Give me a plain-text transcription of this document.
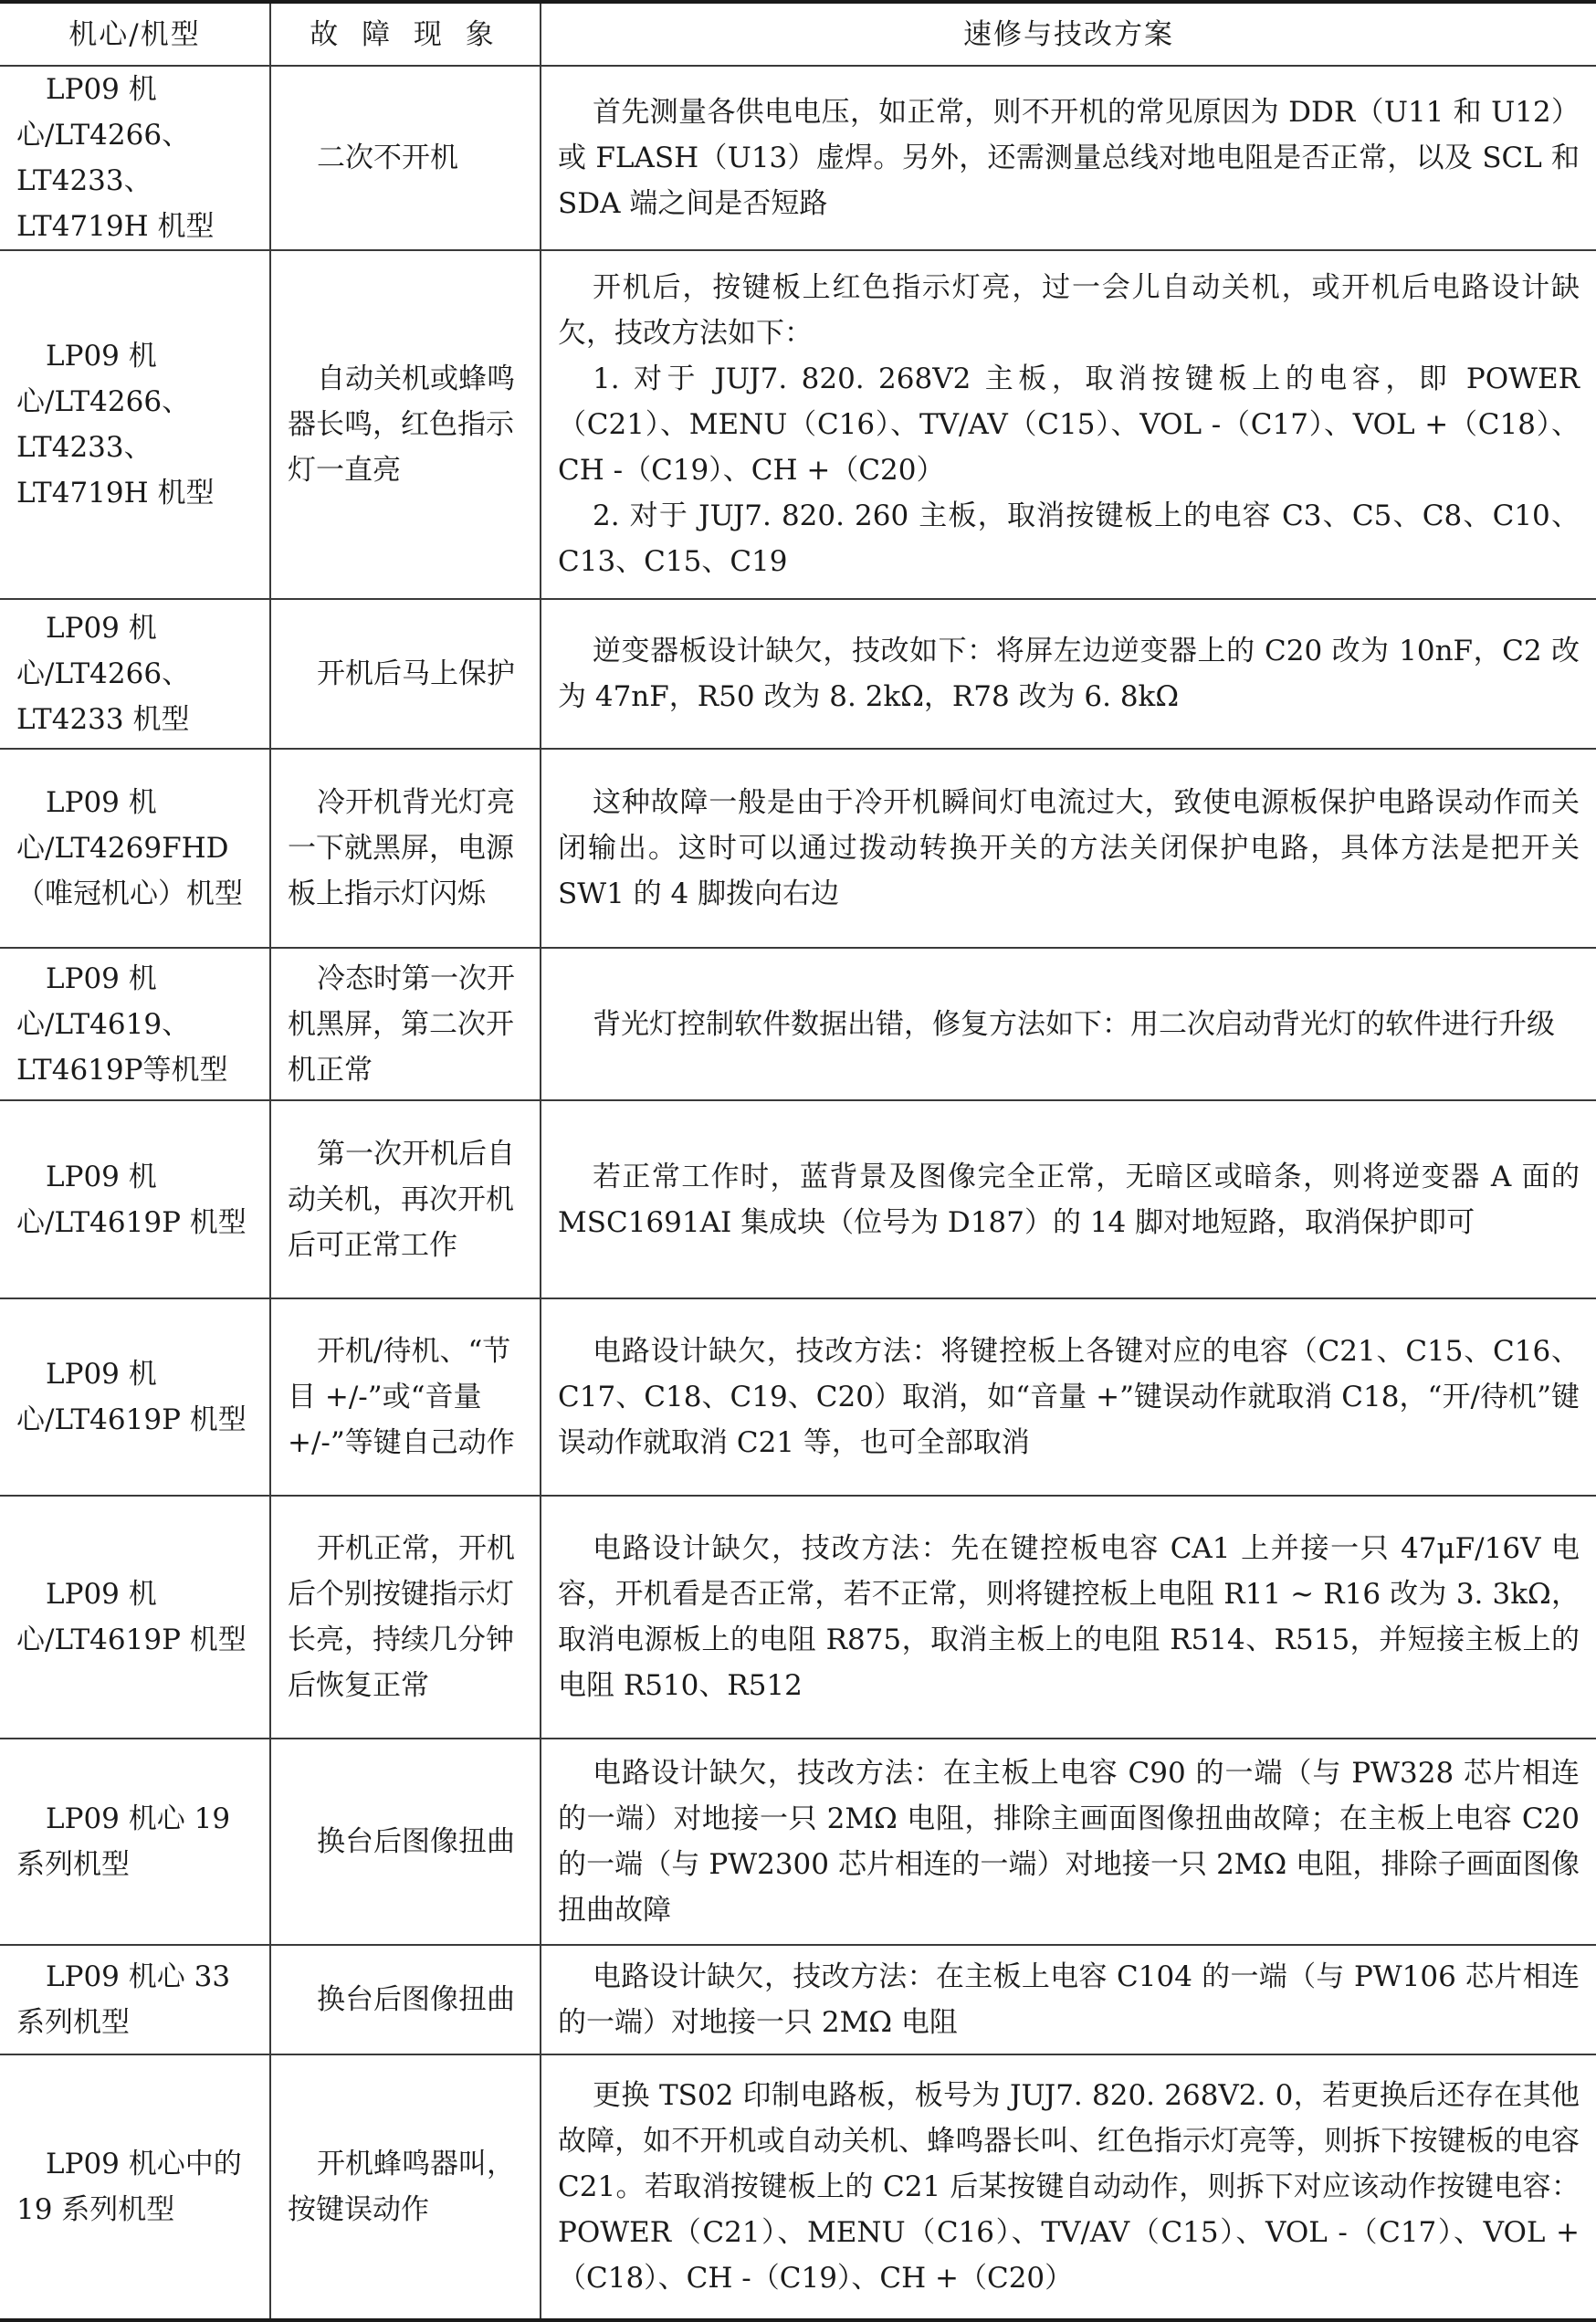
机心/机型	故 障 现 象	速修与技改方案
LP09 机心/LT4266、LT4233、LT4719H 机型	二次不开机	首先测量各供电电压，如正常，则不开机的常见原因为 DDR（U11 和 U12）或 FLASH（U13）虚焊。另外，还需测量总线对地电阻是否正常，以及 SCL 和 SDA 端之间是否短路

LP09 机心/LT4266、LT4233、LT4719H 机型	自动关机或蜂鸣器长鸣，红色指示灯一直亮	开机后，按键板上红色指示灯亮，过一会儿自动关机，或开机后电路设计缺欠，技改方法如下：
1. 对于 JUJ7. 820. 268V2 主板，取消按键板上的电容，即 POWER（C21）、MENU（C16）、TV/AV（C15）、VOL -（C17）、VOL +（C18）、CH -（C19）、CH +（C20）
2. 对于 JUJ7. 820. 260 主板，取消按键板上的电容 C3、C5、C8、C10、C13、C15、C19

LP09 机心/LT4266、 LT4233 机型	开机后马上保护	逆变器板设计缺欠，技改如下：将屏左边逆变器上的 C20 改为 10nF，C2 改为 47nF，R50 改为 8. 2kΩ，R78 改为 6. 8kΩ

LP09 机心/LT4269FHD （唯冠机心）机型	冷开机背光灯亮一下就黑屏，电源板上指示灯闪烁	这种故障一般是由于冷开机瞬间灯电流过大，致使电源板保护电路误动作而关闭输出。这时可以通过拨动转换开关的方法关闭保护电路，具体方法是把开关 SW1 的 4 脚拨向右边

LP09 机心/LT4619、LT4619P等机型	冷态时第一次开机黑屏，第二次开机正常	背光灯控制软件数据出错，修复方法如下：用二次启动背光灯的软件进行升级

LP09 机心/LT4619P 机型	第一次开机后自动关机，再次开机后可正常工作	若正常工作时，蓝背景及图像完全正常，无暗区或暗条，则将逆变器 A 面的 MSC1691AI 集成块（位号为 D187）的 14 脚对地短路，取消保护即可

LP09 机心/LT4619P 机型	开机/待机、“节目 +/-”或“音量 +/-”等键自己动作	电路设计缺欠，技改方法：将键控板上各键对应的电容（C21、C15、C16、C17、C18、C19、C20）取消，如“音量 +”键误动作就取消 C18，“开/待机”键误动作就取消 C21 等，也可全部取消

LP09 机心/LT4619P 机型	开机正常，开机后个别按键指示灯长亮，持续几分钟后恢复正常	电路设计缺欠，技改方法：先在键控板电容 CA1 上并接一只 47μF/16V 电容，开机看是否正常，若不正常，则将键控板上电阻 R11 ~ R16 改为 3. 3kΩ，取消电源板上的电阻 R875，取消主板上的电阻 R514、R515，并短接主板上的电阻 R510、R512

LP09 机心 19 系列机型	换台后图像扭曲	电路设计缺欠，技改方法：在主板上电容 C90 的一端（与 PW328 芯片相连的一端）对地接一只 2MΩ 电阻，排除主画面图像扭曲故障；在主板上电容 C20 的一端（与 PW2300 芯片相连的一端）对地接一只 2MΩ 电阻，排除子画面图像扭曲故障

LP09 机心 33 系列机型	换台后图像扭曲	电路设计缺欠，技改方法：在主板上电容 C104 的一端（与 PW106 芯片相连的一端）对地接一只 2MΩ 电阻

LP09 机心中的 19 系列机型	开机蜂鸣器叫，按键误动作	更换 TS02 印制电路板，板号为 JUJ7. 820. 268V2. 0，若更换后还存在其他故障，如不开机或自动关机、蜂鸣器长叫、红色指示灯亮等，则拆下按键板的电容 C21。若取消按键板上的 C21 后某按键自动动作，则拆下对应该动作按键电容：POWER（C21）、MENU（C16）、TV/AV（C15）、VOL -（C17）、VOL +（C18）、CH -（C19）、CH +（C20）
